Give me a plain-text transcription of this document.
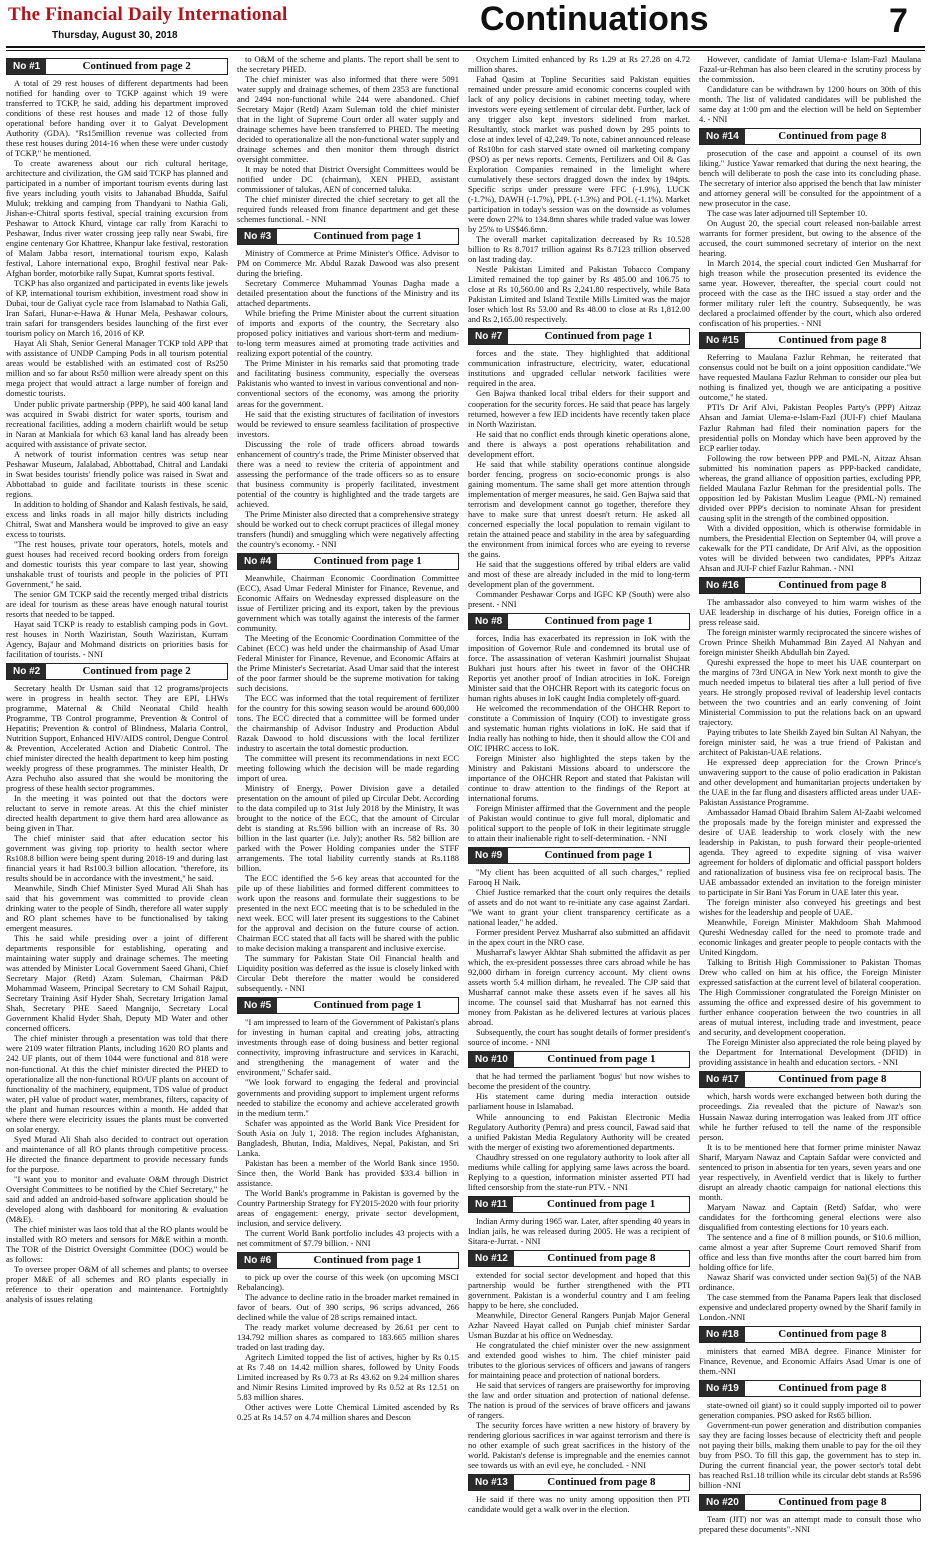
The Financial Daily International
Thursday, August 30, 2018	Continuations	7
No #1	Continued from page 2

A total of 29 rest houses of different departments had been notified for handing over to TCKP against which 19 were transferred to TCKP, he said, adding his department improved conditions of these rest houses and made 12 of those fully operational before handing over it to Galyat Development Authority (GDA). "Rs15million revenue was collected from these rest houses during 2014-16 when these were under custody of TCKP," he mentioned.

To create awareness about our rich cultural heritage, architecture and civilization, the GM said TCKP has planned and participated in a number of important tourism events during last five years including youth visits to Jahanabad Bhudda, Saiful Muluk; trekking and camping from Thandyani to Nathia Gali, Jishan-e-Chitral sports festival, special training excursion from Peshawar to Attock Khurd, vintage car rally from Karachi to Peshawar, Indus river water crossing jeep rally near Swabi, fire engine centenary Gor Khattree, Khanpur lake festival, restoration of Malam Jabba resort, international tourism expo, Kalash festival, Lahore international expo, Broghil festival near Pak-Afghan border, motorbike rally Supat, Kumrat sports festival.

TCKP has also organized and participated in events like jewels of KP, international tourism exhibition, investment road show in Dubai, tour de Galiyat cycle race from Islamabad to Nathia Gali, Iran Safari, Hunar-e-Hawa & Hunar Mela, Peshawar colours, train safari for transgenders besides launching of the first ever tourism policy on March 16, 2016 of KP.

Hayat Ali Shah, Senior General Manager TCKP told APP that with assistance of UNDP Camping Pods in all tourism potential areas would be established with an estimated cost of Rs250 million and so far about Rs50 million were already spent on this mega project that would attract a large number of foreign and domestic tourists.

Under public private partnership (PPP), he said 400 kanal land was acquired in Swabi district for water sports, tourism and recreational facilities, adding a modern chairlift would be setup in Naran at Mankiala for which 63 kanal land has already been acquired with assistance of private sector.

A network of tourist information centres was setup near Peshawar Museum, Jalalabad, Abbottabad, Chitral and Landaki in Swat besides tourists' friendly police was raised in Swat and Abbottabad to guide and facilitate tourists in these scenic regions.

In addition to holding of Shandor and Kalash festivals, he said, excess and links roads in all major hilly districts including Chitral, Swat and Manshera would be improved to give an easy excess to tourists.

"The rest houses, private tour operators, hotels, motels and guest houses had received record booking orders from foreign and domestic tourists this year compare to last year, showing unshakable trust of tourists and people in the policies of PTI Government," he said.

The senior GM TCKP said the recently merged tribal districts are ideal for tourism as these areas have enough natural tourist resorts that needed to be tapped.

Hayat said TCKP is ready to establish camping pods in Govt. rest houses in North Waziristan, South Waziristan, Kurram Agency, Bajaur and Mohmand districts on priorities basis for facilitation of tourists. - NNI

No #2	Continued from page 2

Secretary health Dr Usman said that 12 programs/projects were in progress in health sector. They are EPI, LHWs programme, Maternal & Child Neonatal Child health Programme, TB Control programme, Prevention & Control of Hepatitis; Prevention & control of Blindness, Malaria Control, Nutrition Support, Enhanced HIV/AIDS control, Dengue Control & Prevention, Accelerated Action and Diabetic Control. The chief minister directed the health department to keep him posting weekly progress of these programmes. The minister Health, Dr Azra Pechuho also assured that she would be monitoring the progress of these health sector programmes.

In the meeting it was pointed out that the doctors were reluctant to serve in remote areas. At this the chief minister directed health department to give them hard area allowance as being given in Thar.

The chief minister said that after education sector his government was giving top priority to health sector where Rs108.8 billion were being spent during 2018-19 and during last financial years it had Rs100.3 billion allocation. "therefore, its results should be in accordance with the investment," he said.

Meanwhile, Sindh Chief Minister Syed Murad Ali Shah has said that his government was committed to provide clean drinking water to the people of Sindh, therefore all water supply and RO plant schemes have to be functionalised by taking emergent measures.

This he said while presiding over a joint of different departments responsible for establishing, operating and maintaining water supply and drainage schemes. The meeting was attended by Minister Local Government Saeed Ghani, Chief Secretary Major (Retd) Azam Suleman, Chairman P&D Mohammad Waseem, Principal Secretary to CM Sohail Rajput, Secretary Training Asif Hyder Shah, Secretary Irrigation Jamal Shah, Secretary PHE Saeed Mangnijo, Secretary Local Government Khalid Hyder Shah, Deputy MD Water and other concerned officers.

The chief minister through a presentation was told that there were 2109 water filtration Plants, including 1620 RO plants and 242 UF plants, out of them 1044 were functional and 818 were non-functional. At this the chief minister directed the PHED to operationalize all the non-functional RO/UF plants on account of functionality of the machinery, equipment, TDS value of product water, pH value of product water, membranes, filters, capacity of the plant and human resources within a month. He added that where there were electricity issues the plants must be converted on solar energy.

Syed Murad Ali Shah also decided to contract out operation and maintenance of all RO plants through competitive process. He directed the finance department to provide necessary funds for the purpose.

"I want you to monitor and evaluate O&M through District Oversight Committees to be notified by the Chief Secretary," he said and added an android-based software application should be developed along with dashboard for monitoring & evaluation (M&E).

The chief minister was laos told that al the RO plants would be installed with RO meters and sensors for M&E within a month. The TOR of the District Oversight Committee (DOC) would be as follows:

To oversee proper O&M of all schemes and plants; to oversee proper M&E of all schemes and RO plants especially in reference to their operation and maintenance. Fortnightly analysis of issues relating

to O&M of the scheme and plants. The report shall be sent to the secretary PHED.

The chief minister was also informed that there were 5091 water supply and drainage schemes, of them 2353 are functional and 2494 non-functional while 244 were abandoned. Chief Secretary Major (Retd) Azam Suleman told the chief minister that in the light of Supreme Court order all water supply and drainage schemes have been transferred to PHED. The meeting decided to operationalize all the non-functional water supply and drainage schemes and then monitor them through district oversight committee.

It may be noted that District Oversight Committees would be notified under DC (chairman), XEN PHED, assistant commissioner of talukas, AEN of concerned taluka.

The chief minister directed the chief secretary to get all the required funds released from finance department and get these schemes functional. - NNI

No #3	Continued from page 1

Ministry of Commerce at Prime Minister's Office. Advisor to PM on Commerce Mr. Abdul Razak Dawood was also present during the briefing.

Secretary Commerce Muhammad Younas Dagha made a detailed presentation about the functions of the Ministry and its attached departments.

While briefing the Prime Minister about the current situation of imports and exports of the country, the Secretary also proposed policy initiatives and various short-term and medium-to-long term measures aimed at promoting trade activities and realizing export potential of the country.

The Prime Minister in his remarks said that promoting trade and facilitating business community, especially the overseas Pakistanis who wanted to invest in various conventional and non-conventional sectors of the economy, was among the priority areas for the government.

He said that the existing structures of facilitation of investors would be reviewed to ensure seamless facilitation of prospective investors.

Discussing the role of trade officers abroad towards enhancement of country's trade, the Prime Minister observed that there was a need to review the criteria of appointment and assessing the performance of the trade officers so as to ensure that business community is properly facilitated, investment potential of the country is highlighted and the trade targets are achieved.

The Prime Minister also directed that a comprehensive strategy should be worked out to check corrupt practices of illegal money transfers (hundi) and smuggling which were negatively affecting the country's economy. - NNI

No #4	Continued from page 1

Meanwhile, Chairman Economic Coordination Committee (ECC), Asad Umar Federal Minister for Finance, Revenue, and Economic Affairs on Wednesday expressed displeasure on the issue of Fertilizer pricing and its export, taken by the previous government which was totally against the interests of the farmer community.

The Meeting of the Economic Coordination Committee of the Cabinet (ECC) was held under the chairmanship of Asad Umar Federal Minister for Finance, Revenue, and Economic Affairs at the Prime Minister's Secretariat. Asad Umar said that the interest of the poor farmer should be the supreme motivation for taking such decisions.

The ECC was informed that the total requirement of fertilizer for the country for this sowing season would be around 600,000 tons. The ECC directed that a committee will be formed under the chairmanship of Advisor Industry and Production Abdul Razak Dawood to hold discussions with the local fertilizer industry to ascertain the total domestic production.

The committee will present its recommendations in next ECC meeting following which the decision will be made regarding import of urea.

Ministry of Energy, Power Division gave a detailed presentation on the amount of piled up Circular Debt. According to the data compiled up to 31st July 2018 by the Ministry, It was brought to the notice of the ECC, that the amount of Circular debt is standing at Rs.596 billion with an increase of Rs. 30 billion in the last quarter (i.e. July); another Rs. 582 billion are parked with the Power Holding companies under the STFF arrangements. The total liability currently stands at Rs.1188 billion.

The ECC identified the 5-6 key areas that accounted for the pile up of these liabilities and formed different committees to work upon the reasons and formulate their suggestions to be presented in the next ECC meeting that is to be scheduled in the next week. ECC will later present its suggestions to the Cabinet for the approval and decision on the future course of action. Chairman ECC stated that all facts will be shared with the public to make decision making a transparent and inclusive exercise.

The summary for Pakistan State Oil Financial health and Liquidity position was deferred as the issue is closely linked with Circular Debt therefore the matter would be considered subsequently. - NNI

No #5	Continued from page 1

"I am impressed to learn of the Government of Pakistan's plans for investing in human capital and creating jobs, attracting investments through ease of doing business and better regional connectivity, improving infrastructure and services in Karachi, and strengthening the management of water and the environment," Schafer said.

"We look forward to engaging the federal and provincial governments and providing support to implement urgent reforms needed to stabilize the economy and achieve accelerated growth in the medium term."

Schafer was appointed as the World Bank Vice President for South Asia on July 1, 2018. The region includes Afghanistan, Bangladesh, Bhutan, India, Maldives, Nepal, Pakistan, and Sri Lanka.

Pakistan has been a member of the World Bank since 1950. Since then, the World Bank has provided $33.4 billion in assistance.

The World Bank's programme in Pakistan is governed by the Country Partnership Strategy for FY2015-2020 with four priority areas of engagement: energy, private sector development, inclusion, and service delivery.

The current World Bank portfolio includes 43 projects with a net commitment of $7.79 billion. - NNI

No #6	Continued from page 1

to pick up over the course of this week (on upcoming MSCI Rebalancing).

The advance to decline ratio in the broader market remained in favor of bears. Out of 390 scrips, 96 scrips advanced, 266 declined while the value of 28 scrips remained intact.

The ready market volume decreased by 26.61 per cent to 134.792 million shares as compared to 183.665 million shares traded on last trading day.

Agritech Limited topped the list of actives, higher by Rs 0.15 at Rs 7.48 on 14.42 million shares, followed by Unity Foods Limited increased by Rs 0.73 at Rs 43.62 on 9.24 million shares and Nimir Resins Limited improved by Rs 0.52 at Rs 12.51 on 5.83 million shares.

Other actives were Lotte Chemical Limited ascended by Rs 0.25 at Rs 14.57 on 4.74 million shares and Descon

Oxychem Limited enhanced by Rs 1.29 at Rs 27.28 on 4.72 million shares.

Fahad Qasim at Topline Securities said Pakistan equities remained under pressure amid economic concerns coupled with lack of any policy decisions in cabinet meeting today, where investors were eyeing settlement of circular debt. Further, lack of any trigger also kept investors sidelined from market. Resultantly, stock market was pushed down by 295 points to close at index level of 42,249. To note, cabinet announced release of Rs10bn for cash starved state owned oil marketing company (PSO) as per news reports. Cements, Fertilizers and Oil & Gas Exploration Companies remained in the limelight where cumulatively these sectors dragged down the index by 194pts. Specific scrips under pressure were FFC (-1.9%), LUCK (-1.7%), DAWH (-1.7%), PPL (-1.3%) and POL (-1.1%). Market participation in today's session was on the downside as volumes were down 27% to 134.8mn shares while traded value was lower by 25% to US$46.6mn.

The overall market capitalization decreased by Rs 10.528 billion to Rs 8.7017 trillion against Rs 8.7123 trillion observed on last trading day.

Nestle Pakistan Limited and Pakistan Tobacco Company Limited remained the top gainer by Rs 485.00 and 106.75 to close at Rs 10,560.00 and Rs 2,241.80 respectively, while Bata Pakistan Limited and Island Textile Mills Limited was the major loser which lost Rs 53.00 and Rs 48.00 to close at Rs 1,812.00 and Rs 2,165.00 respectively.

No #7	Continued from page 1

forces and the state. They highlighted that additional communication infrastructure, electricity, water, educational institutions and upgraded cellular network facilities were required in the area.

Gen Bajwa thanked local tribal elders for their support and cooperation for the security forces. He said that peace has largely returned, however a few IED incidents have recently taken place in North Waziristan.

He said that no conflict ends through kinetic operations alone, and there is always a post operations rehabilitation and development effort.

He said that while stability operations continue alongside border fencing, progress on socio-economic prongs is also gaining momentum. The same shall get more attention through implementation of merger measures, he said. Gen Bajwa said that terrorism and development cannot go together, therefore they have to make sure that unrest doesn't return. He asked all concerned especially the local population to remain vigilant to retain the attained peace and stability in the area by safeguarding the environment from inimical forces who are eyeing to reverse the gains.

He said that the suggestions offered by tribal elders are valid and most of these are already included in the mid to long-term development plan of the government.

Commander Peshawar Corps and IGFC KP (South) were also present. - NNI

No #8	Continued from page 1

forces, India has exacerbated its repression in IoK with the imposition of Governor Rule and condemned its brutal use of force. The assassination of veteran Kashmiri journalist Shujaat Bukhari just hours after his tweet in favor of the OHCHR Reportis yet another proof of Indian atrocities in IoK. Foreign Minister said that the OHCHR Report with its categoric focus on human rights abuses in IoK caught India completely off-guard.

He welcomed the recommendation of the OHCHR Report to constitute a Commission of Inquiry (COI) to investigate gross and systematic human rights violations in IoK. He said that if India really has nothing to hide, then it should allow the COI and OIC IPHRC access to IoK.

Foreign Minister also highlighted the steps taken by the Ministry and Pakistani Missions aboard to underscore the importance of the OHCHR Report and stated that Pakistan will continue to draw attention to the findings of the Report at international forums.

Foreign Minister affirmed that the Government and the people of Pakistan would continue to give full moral, diplomatic and political support to the people of IoK in their legitimate struggle to attain their inalienable right to self-determination. - NNI

No #9	Continued from page 1

"My client has been acquitted of all such charges," replied Farooq H Naik.

Chief Justice remarked that the court only requires the details of assets and do not want to re-initiate any case against Zardari. "We want to grant your client transparency certificate as a national leader," he added.

Former president Pervez Musharraf also submitted an affidavit in the apex court in the NRO case.

Musharraf's lawyer Akhtar Shah submitted the affidavit as per which, the ex-president possesses three cars abroad while he has 92,000 dirham in foreign currency account. My client owns assets worth 5.4 million dirham, he revealed. The CJP said that Musharraf cannot make these assets even if he saves all his income. The counsel said that Musharraf has not earned this money from Pakistan as he delivered lectures at various places abroad.

Subsequently, the court has sought details of former president's source of income. - NNI

No #10	Continued from page 1

that he had termed the parliament 'bogus' but now wishes to become the president of the country.

His statement came during media interaction outside parliament house in Islamabad.

While announcing to end Pakistan Electronic Media Regulatory Authority (Pemra) and press council, Fawad said that a unified Pakistan Media Regulatory Authority will be created with the merger of existing two aforementioned departments.

Chaudhry stressed on one regulatory authority to look after all mediums while calling for applying same laws across the board. Replying to a question, information minister asserted PTI had lifted censorship from the state-run PTV. - NNI

No #11	Continued from page 1

Indian Army during 1965 war. Later, after spending 40 years in Indian jails, he was released during 2005. He was a recipient of Sitara-e-Jurrat. - NNI

No #12	Continued from page 8

extended for social sector development and hoped that this partnership would be further strengthened with the PTI government. Pakistan is a wonderful country and I am feeling happy to be here, she concluded.

Meanwhile, Director General Rangers Punjab Major General Azhar Naveed Hayat called on Punjab chief minister Sardar Usman Buzdar at his office on Wednesday.

He congratulated the chief minister over the new assignment and extended good wishes to him. The chief minister paid tributes to the glorious services of officers and jawans of rangers for maintaining peace and protection of national borders.

He said that services of rangers are praiseworthy for improving the law and order situation and protection of national defense. The nation is proud of the services of brave officers and jawans of rangers.

The security forces have written a new history of bravery by rendering glorious sacrifices in war against terrorism and there is no other example of such great sacrifices in the history of the world. Pakistan's defense is impregnable and the enemies cannot see towards us with an evil eye, he concluded. - NNI

No #13	Continued from page 8

He said if there was no unity among opposition then PTI candidate would get a walk over in the election.

However, candidate of Jamiat Ulema-e Islam-Fazl Maulana Fazal-ur-Rehman has also been cleared in the scrutiny process by the commission.

Candidature can be withdrawn by 1200 hours on 30th of this month. The list of validated candidates will be published the same day at 1:00 pm and the election will be held on September 4. - NNI

No #14	Continued from page 8

prosecution of the case and appoint a counsel of its own liking." Justice Yawar remarked that during the next hearing, the bench will deliberate to posh the case into its concluding phase. The secretary of interior also apprised the bench that law minister and attorney general will be consulted for the appointment of a new prosecutor in the case.

The case was later adjourned till September 10.

On August 20, the special court released non-bailable arrest warrants for former president, but owing to the absence of the accused, the court summoned secretary of interior on the next hearing.

In March 2014, the special court indicted Gen Musharraf for high treason while the prosecution presented its evidence the same year. However, thereafter, the special court could not proceed with the case as the IHC issued a stay order and the former military ruler left the country. Subsequently, he was declared a proclaimed offender by the court, which also ordered confiscation of his properties. - NNI

No #15	Continued from page 8

Referring to Maulana Fazlur Rehman, he reiterated that consensus could not be built on a joint opposition candidate."We have requested Maulana Fazlur Rehman to consider our plea but nothing is finalized yet, though we are anticipating a positive outcome," he stated.

PTI's Dr Arif Alvi, Pakistan Peoples Party's (PPP) Aitzaz Ahsan and Jamiat Ulema-e-Islam-Fazl (JUI-F) chief Maulana Fazlur Rahman had filed their nomination papers for the presidential polls on Monday which have been approved by the ECP earlier today.

Following the row between PPP and PML-N, Aitzaz Ahsan submitted his nomination papers as PPP-backed candidate, whereas, the grand alliance of opposition parties, excluding PPP, fielded Maulana Fazlur Rehman for the presidential polls. The opposition led by Pakistan Muslim League (PML-N) remained divided over PPP's decision to nominate Ahsan for president causing split in the strength of the combined opposition.

With a divided opposition, which is otherwise formidable in numbers, the Presidential Election on September 04, will prove a cakewalk for the PTI candidate, Dr Arif Alvi, as the opposition votes will be divided between two candidates, PPP's Aitzaz Ahsan and JUI-F chief Fazlur Rahman. - NNI

No #16	Continued from page 8

The ambassador also conveyed to him warm wishes of the UAE leadership in discharge of his duties, Foreign office in a press release said.

The foreign minister warmly reciprocated the sincere wishes of Crown Prince Sheikh Muhammad Bin Zayed Al Nahyan and foreign minister Sheikh Abdullah bin Zayed.

Qureshi expressed the hope to meet his UAE counterpart on the margins of 73rd UNGA in New York next month to give the much needed impetus to bilateral ties after a lull period of five years. He strongly proposed revival of leadership level contacts between the two countries and an early convening of Joint Ministerial Commission to put the relations back on an upward trajectory.

Paying tributes to late Sheikh Zayed bin Sultan Al Nahyan, the foreign minister said, he was a true friend of Pakistan and architect of Pakistan-UAE relations.

He expressed deep appreciation for the Crown Prince's unwavering support to the cause of polio eradication in Pakistan and other development and humanitarian projects undertaken by the UAE in the far flung and disasters afflicted areas under UAE-Pakistan Assistance Programme.

Ambassador Hamad Obaid Ibrahim Salem Al-Zaabi welcomed the proposals made by the foreign minister and expressed the desire of UAE leadership to work closely with the new leadership in Pakistan, to push forward their people-oriented agenda. They agreed to expedite signing of visa waiver agreement for holders of diplomatic and official passport holders and rationalization of business visa fee on reciprocal basis. The UAE ambassador extended an invitation to the foreign minister to participate in Sir Bani Yas Forum in UAE later this year.

The foreign minister also conveyed his greetings and best wishes for the leadership and people of UAE.

Meanwhile, Foreign Minister Makhdoom Shah Mahmood Qureshi Wednesday called for the need to promote trade and economic linkages and greater people to people contacts with the United Kingdom.

Talking to British High Commissioner to Pakistan Thomas Drew who called on him at his office, the Foreign Minister expressed satisfaction at the current level of bilateral cooperation. The High Commissioner congratulated the Foreign Minister on assuming the office and expressed desire of his government to further enhance cooperation between the two countries in all areas of mutual interest, including trade and investment, peace and security, and development cooperation.

The Foreign Minister also appreciated the role being played by the Department for International Development (DFID) in providing assistance in health and education sectors. - NNI

No #17	Continued from page 8

which, harsh words were exchanged between both during the proceedings. Zia revealed that the picture of Nawaz's son Hussain Nawaz during interrogation was leaked from JIT office while he further refused to tell the name of the responsible person.

It is to be mentioned here that former prime minister Nawaz Sharif, Maryam Nawaz and Captain Safdar were convicted and sentenced to prison in absentia for ten years, seven years and one year respectively, in Avenfield verdict that is likely to further disrupt an already chaotic campaign for national elections this month.

Maryam Nawaz and Captain (Retd) Safdar, who were candidates for the forthcoming general elections were also disqualified from contesting elections for 10 years each.

The sentence and a fine of 8 million pounds, or $10.6 million, came almost a year after Supreme Court removed Sharif from office and less than five months after the court barred him from holding office for life.

Nawaz Sharif was convicted under section 9a)(5) of the NAB ordinance.

The case stemmed from the Panama Papers leak that disclosed expensive and undeclared property owned by the Sharif family in London.-NNI

No #18	Continued from page 8

ministers that earned MBA degree. Finance Minister for Finance, Revenue, and Economic Affairs Asad Umar is one of them.-NNI

No #19	Continued from page 8

state-owned oil giant) so it could supply imported oil to power generation companies. PSO asked for Rs65 billion.

Government-run power generation and distribution companies say they are facing losses because of electricity theft and people not paying their bills, making them unable to pay for the oil they buy from PSO. To fill this gap, the government has to step in. During the current financial year, the power sector's total debt has reached Rs1.18 trillion while its circular debt stands at Rs596 billion -NNI

No #20	Continued from page 8

Team (JIT) nor was an attempt made to consult those who prepared these documents".-NNI
